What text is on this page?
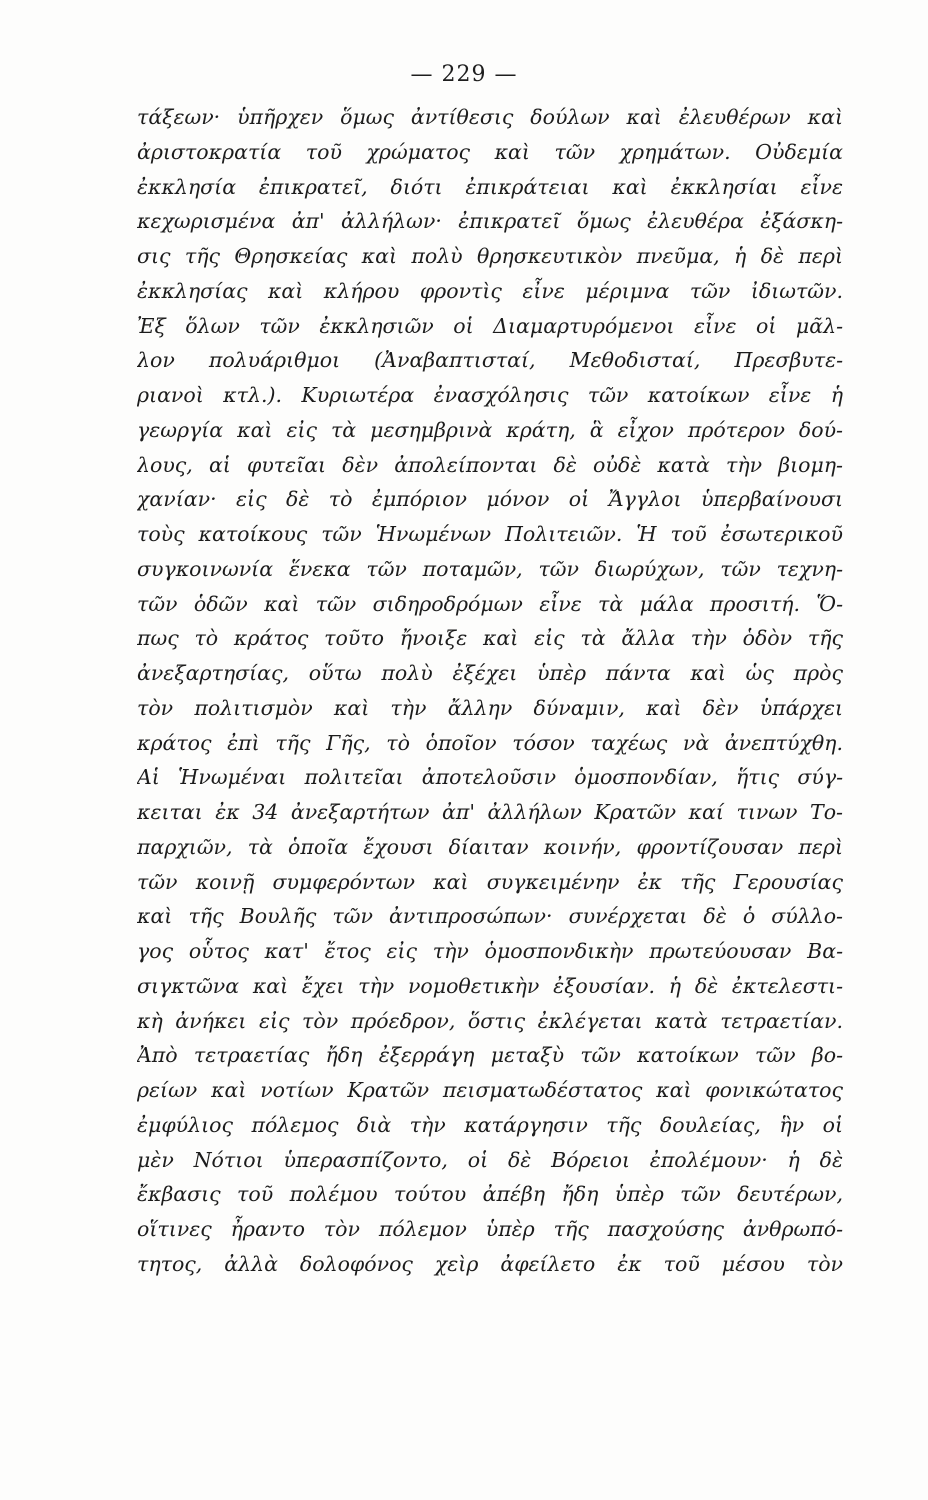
— 229 —
τάξεων· ὑπῆρχεν ὅμως ἀντίθεσις δούλων καὶ ἐλευθέρων καὶ
ἀριστοκρατία τοῦ χρώματος καὶ τῶν χρημάτων. Οὐδεμία
ἐκκλησία ἐπικρατεῖ, διότι ἐπικράτειαι καὶ ἐκκλησίαι εἶνε
κεχωρισμένα ἀπ' ἀλλήλων· ἐπικρατεῖ ὅμως ἐλευθέρα ἐξάσκη-
σις τῆς Θρησκείας καὶ πολὺ θρησκευτικὸν πνεῦμα, ἡ δὲ περὶ
ἐκκλησίας καὶ κλήρου φροντὶς εἶνε μέριμνα τῶν ἰδιωτῶν.
Ἐξ ὅλων τῶν ἐκκλησιῶν οἱ Διαμαρτυρόμενοι εἶνε οἱ μᾶλ-
λον πολυάριθμοι (Ἀναβαπτισταί, Μεθοδισταί, Πρεσβυτε-
ριανοὶ κτλ.). Κυριωτέρα ἐνασχόλησις τῶν κατοίκων εἶνε ἡ
γεωργία καὶ εἰς τὰ μεσημβρινὰ κράτη, ἃ εἶχον πρότερον δού-
λους, αἱ φυτεῖαι δὲν ἀπολείπονται δὲ οὐδὲ κατὰ τὴν βιομη-
χανίαν· εἰς δὲ τὸ ἐμπόριον μόνον οἱ Ἄγγλοι ὑπερβαίνουσι
τοὺς κατοίκους τῶν Ἡνωμένων Πολιτειῶν. Ἡ τοῦ ἐσωτερικοῦ
συγκοινωνία ἕνεκα τῶν ποταμῶν, τῶν διωρύχων, τῶν τεχνη-
τῶν ὁδῶν καὶ τῶν σιδηροδρόμων εἶνε τὰ μάλα προσιτή. Ὅ-
πως τὸ κράτος τοῦτο ἤνοιξε καὶ εἰς τὰ ἄλλα τὴν ὁδὸν τῆς
ἀνεξαρτησίας, οὕτω πολὺ ἐξέχει ὑπὲρ πάντα καὶ ὡς πρὸς
τὸν πολιτισμὸν καὶ τὴν ἄλλην δύναμιν, καὶ δὲν ὑπάρχει
κράτος ἐπὶ τῆς Γῆς, τὸ ὁποῖον τόσον ταχέως νὰ ἀνεπτύχθη.
Αἱ Ἡνωμέναι πολιτεῖαι ἀποτελοῦσιν ὁμοσπονδίαν, ἥτις σύγ-
κειται ἐκ 34 ἀνεξαρτήτων ἀπ' ἀλλήλων Κρατῶν καί τινων Το-
παρχιῶν, τὰ ὁποῖα ἔχουσι δίαιταν κοινήν, φροντίζουσαν περὶ
τῶν κοινῇ συμφερόντων καὶ συγκειμένην ἐκ τῆς Γερουσίας
καὶ τῆς Βουλῆς τῶν ἀντιπροσώπων· συνέρχεται δὲ ὁ σύλλο-
γος οὗτος κατ' ἔτος εἰς τὴν ὁμοσπονδικὴν πρωτεύουσαν Βα-
σιγκτῶνα καὶ ἔχει τὴν νομοθετικὴν ἐξουσίαν. ἡ δὲ ἐκτελεστι-
κὴ ἀνήκει εἰς τὸν πρόεδρον, ὅστις ἐκλέγεται κατὰ τετραετίαν.
Ἀπὸ τετραετίας ἤδη ἐξερράγη μεταξὺ τῶν κατοίκων τῶν βο-
ρείων καὶ νοτίων Κρατῶν πεισματωδέστατος καὶ φονικώτατος
ἐμφύλιος πόλεμος διὰ τὴν κατάργησιν τῆς δουλείας, ἣν οἱ
μὲν Νότιοι ὑπερασπίζοντο, οἱ δὲ Βόρειοι ἐπολέμουν· ἡ δὲ
ἔκβασις τοῦ πολέμου τούτου ἀπέβη ἤδη ὑπὲρ τῶν δευτέρων,
οἵτινες ἦραντο τὸν πόλεμον ὑπὲρ τῆς πασχούσης ἀνθρωπό-
τητος, ἀλλὰ δολοφόνος χεὶρ ἀφείλετο ἐκ τοῦ μέσου τὸν
